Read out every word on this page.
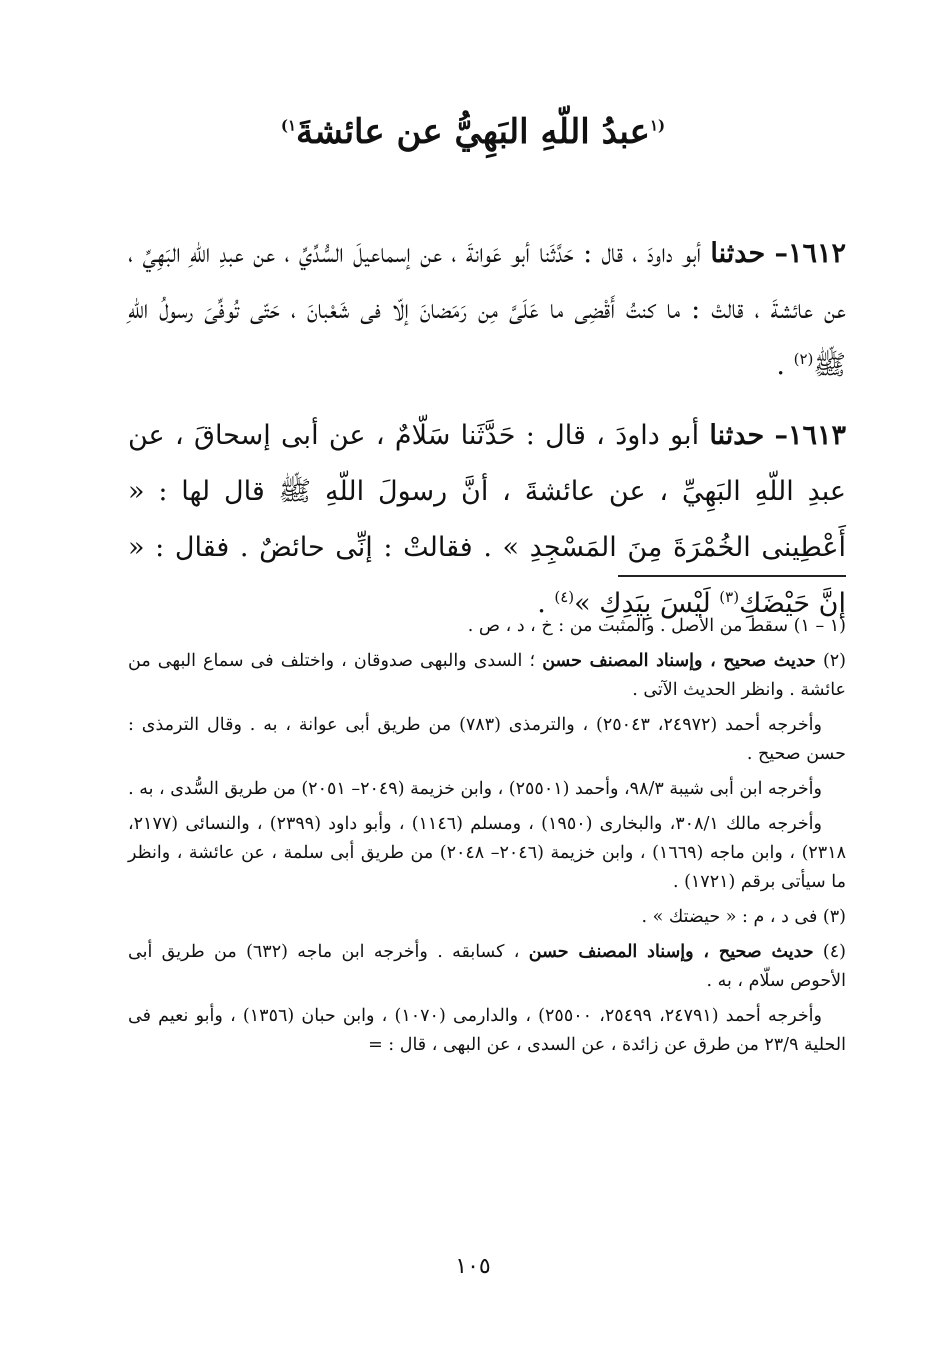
$^{(١}$عبدُ اللّهِ البَهِيُّ عن عائشةَ$^{١)}$

١٦١٢– حدثنا أبو داودَ ، قال : حَدَّثَنا أبو عَوانةَ ، عن إسماعيلَ السُّدِّيِّ ، عن عبدِ اللّهِ البَهِيِّ ، عن عائشةَ ، قالتْ : ما كنتُ أَقْضِى ما عَلَىَّ مِن رَمَضانَ إلّا فى شَعْبانَ ، حَتّى تُوفِّىَ رسولُ اللّهِ ﷺ$^{(٢)}$ .

١٦١٣– حدثنا أبو داودَ ، قال : حَدَّثَنا سَلّامٌ ، عن أبى إسحاقَ ، عن عبدِ اللّهِ البَهِيِّ ، عن عائشةَ ، أنَّ رسولَ اللّهِ ﷺ قال لها : « أَعْطِينى الخُمْرَةَ مِنَ المَسْجِدِ » . فقالتْ : إنِّى حائضٌ . فقال : « إنَّ حَيْضَكِ$^{(٣)}$ لَيْسَ بِيَدِكِ »$^{(٤)}$ .

(١ – ١) سقط من الأصل . والمثبت من : خ ، د ، ص .

(٢) حديث صحيح ، وإسناد المصنف حسن ؛ السدى والبهى صدوقان ، واختلف فى سماع البهى من عائشة . وانظر الحديث الآتى .

وأخرجه أحمد (٢٤٩٧٢، ٢٥٠٤٣) ، والترمذى (٧٨٣) من طريق أبى عوانة ، به . وقال الترمذى : حسن صحيح .

وأخرجه ابن أبى شيبة ٩٨/٣، وأحمد (٢٥٥٠١) ، وابن خزيمة (٢٠٤٩– ٢٠٥١) من طريق السُّدى ، به .

وأخرجه مالك ٣٠٨/١، والبخارى (١٩٥٠) ، ومسلم (١١٤٦) ، وأبو داود (٢٣٩٩) ، والنسائى (٢١٧٧، ٢٣١٨) ، وابن ماجه (١٦٦٩) ، وابن خزيمة (٢٠٤٦– ٢٠٤٨) من طريق أبى سلمة ، عن عائشة ، وانظر ما سيأتى برقم (١٧٢١) .

(٣) فى د ، م : « حيضتك » .

(٤) حديث صحيح ، وإسناد المصنف حسن ، كسابقه . وأخرجه ابن ماجه (٦٣٢) من طريق أبى الأحوص سلّام ، به .

وأخرجه أحمد (٢٤٧٩١، ٢٥٤٩٩، ٢٥٥٠٠) ، والدارمى (١٠٧٠) ، وابن حبان (١٣٥٦) ، وأبو نعيم فى الحلية ٢٣/٩ من طرق عن زائدة ، عن السدى ، عن البهى ، قال : =

١٠٥
